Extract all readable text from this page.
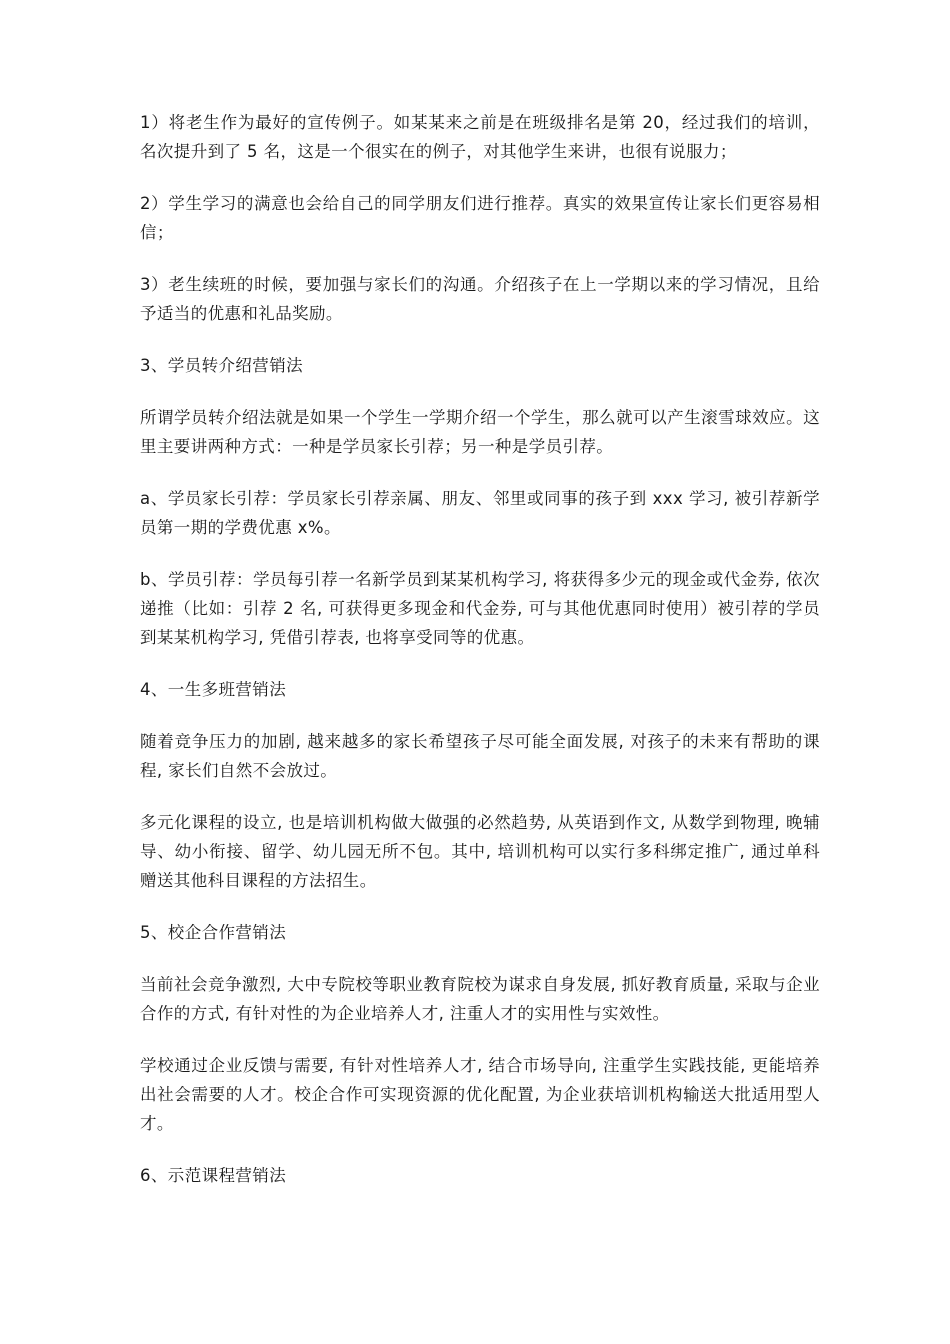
1）将老生作为最好的宣传例子。如某某来之前是在班级排名是第 20，经过我们的培训，名次提升到了 5 名，这是一个很实在的例子，对其他学生来讲，也很有说服力；

2）学生学习的满意也会给自己的同学朋友们进行推荐。真实的效果宣传让家长们更容易相信；

3）老生续班的时候，要加强与家长们的沟通。介绍孩子在上一学期以来的学习情况，且给予适当的优惠和礼品奖励。

3、学员转介绍营销法

所谓学员转介绍法就是如果一个学生一学期介绍一个学生，那么就可以产生滚雪球效应。这里主要讲两种方式：一种是学员家长引荐；另一种是学员引荐。

a、学员家长引荐：学员家长引荐亲属、朋友、邻里或同事的孩子到 xxx 学习, 被引荐新学员第一期的学费优惠 x%。

b、学员引荐：学员每引荐一名新学员到某某机构学习, 将获得多少元的现金或代金券, 依次递推（比如：引荐 2 名, 可获得更多现金和代金券, 可与其他优惠同时使用）被引荐的学员到某某机构学习, 凭借引荐表, 也将享受同等的优惠。

4、一生多班营销法

随着竞争压力的加剧, 越来越多的家长希望孩子尽可能全面发展, 对孩子的未来有帮助的课程, 家长们自然不会放过。

多元化课程的设立, 也是培训机构做大做强的必然趋势, 从英语到作文, 从数学到物理, 晚辅导、幼小衔接、留学、幼儿园无所不包。其中, 培训机构可以实行多科绑定推广, 通过单科赠送其他科目课程的方法招生。

5、校企合作营销法

当前社会竞争激烈, 大中专院校等职业教育院校为谋求自身发展, 抓好教育质量, 采取与企业合作的方式, 有针对性的为企业培养人才, 注重人才的实用性与实效性。

学校通过企业反馈与需要, 有针对性培养人才, 结合市场导向, 注重学生实践技能, 更能培养出社会需要的人才。校企合作可实现资源的优化配置, 为企业获培训机构输送大批适用型人才。

6、示范课程营销法
